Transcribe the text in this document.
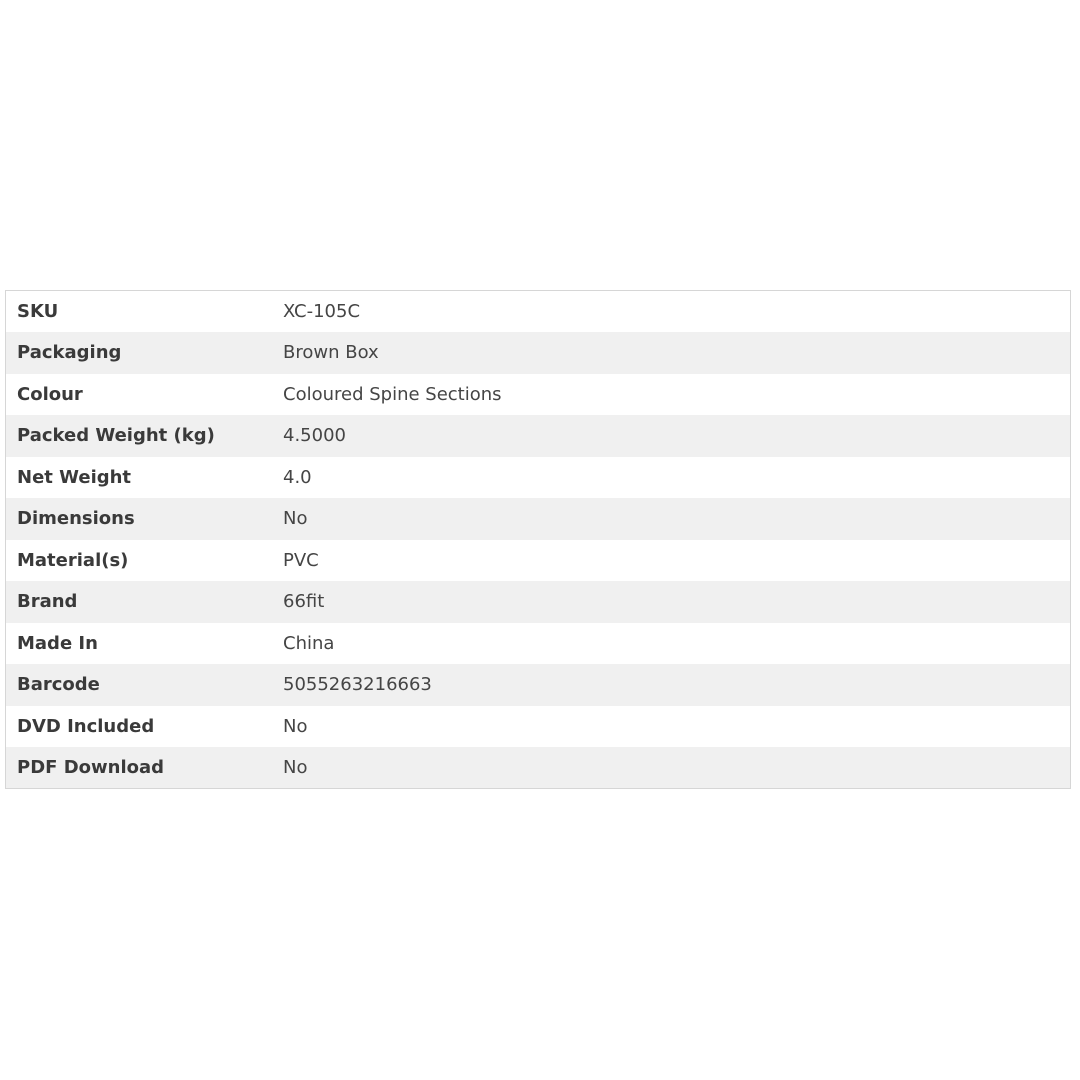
SKU	XC-105C
Packaging	Brown Box
Colour	Coloured Spine Sections
Packed Weight (kg)	4.5000
Net Weight	4.0
Dimensions	No
Material(s)	PVC
Brand	66fit
Made In	China
Barcode	5055263216663
DVD Included	No
PDF Download	No
